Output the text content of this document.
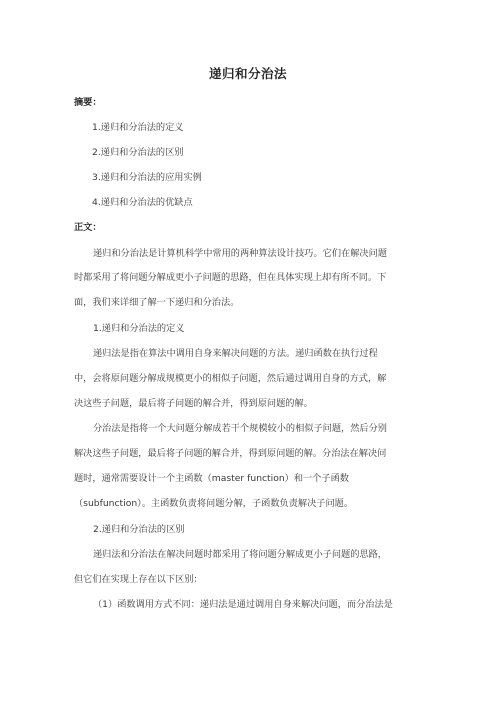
递归和分治法
摘要：
1.递归和分治法的定义
2.递归和分治法的区别
3.递归和分治法的应用实例
4.递归和分治法的优缺点
正文：
递归和分治法是计算机科学中常用的两种算法设计技巧。它们在解决问题
时都采用了将问题分解成更小子问题的思路，但在具体实现上却有所不同。下
面，我们来详细了解一下递归和分治法。
1.递归和分治法的定义
递归法是指在算法中调用自身来解决问题的方法。递归函数在执行过程
中，会将原问题分解成规模更小的相似子问题，然后通过调用自身的方式，解
决这些子问题，最后将子问题的解合并，得到原问题的解。
分治法是指将一个大问题分解成若干个规模较小的相似子问题，然后分别
解决这些子问题，最后将子问题的解合并，得到原问题的解。分治法在解决问
题时，通常需要设计一个主函数（master function）和一个子函数
（subfunction）。主函数负责将问题分解，子函数负责解决子问题。
2.递归和分治法的区别
递归法和分治法在解决问题时都采用了将问题分解成更小子问题的思路，
但它们在实现上存在以下区别：
（1）函数调用方式不同：递归法是通过调用自身来解决问题，而分治法是
